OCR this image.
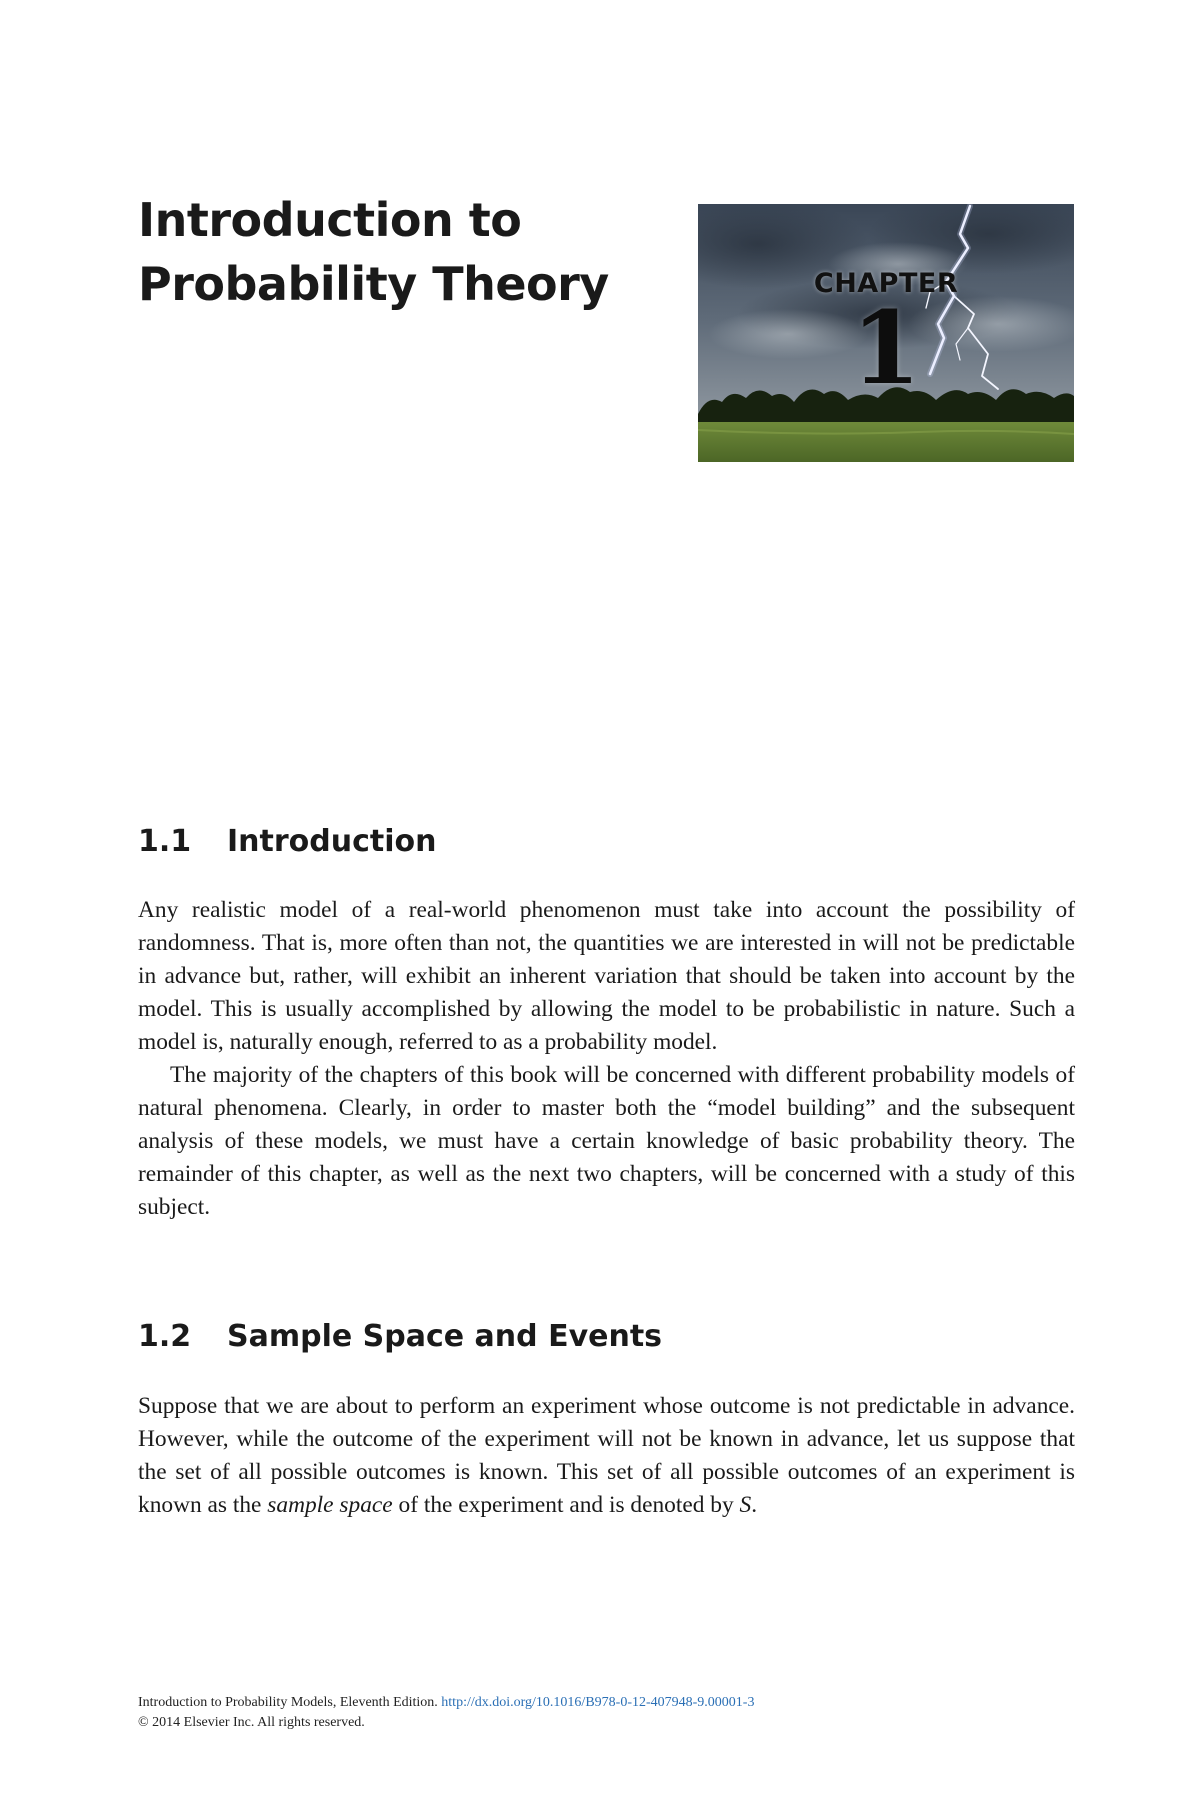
Introduction to
Probability Theory	CHAPTER
1
1.1 Introduction

Any realistic model of a real-world phenomenon must take into account the possibility of randomness. That is, more often than not, the quantities we are interested in will not be predictable in advance but, rather, will exhibit an inherent variation that should be taken into account by the model. This is usually accomplished by allowing the model to be probabilistic in nature. Such a model is, naturally enough, referred to as a probability model.

The majority of the chapters of this book will be concerned with different probability models of natural phenomena. Clearly, in order to master both the “model building” and the subsequent analysis of these models, we must have a certain knowledge of basic probability theory. The remainder of this chapter, as well as the next two chapters, will be concerned with a study of this subject.

1.2 Sample Space and Events

Suppose that we are about to perform an experiment whose outcome is not predictable in advance. However, while the outcome of the experiment will not be known in advance, let us suppose that the set of all possible outcomes is known. This set of all possible outcomes of an experiment is known as the sample space of the experiment and is denoted by S.

Introduction to Probability Models, Eleventh Edition. http://dx.doi.org/10.1016/B978-0-12-407948-9.00001-3
© 2014 Elsevier Inc. All rights reserved.
